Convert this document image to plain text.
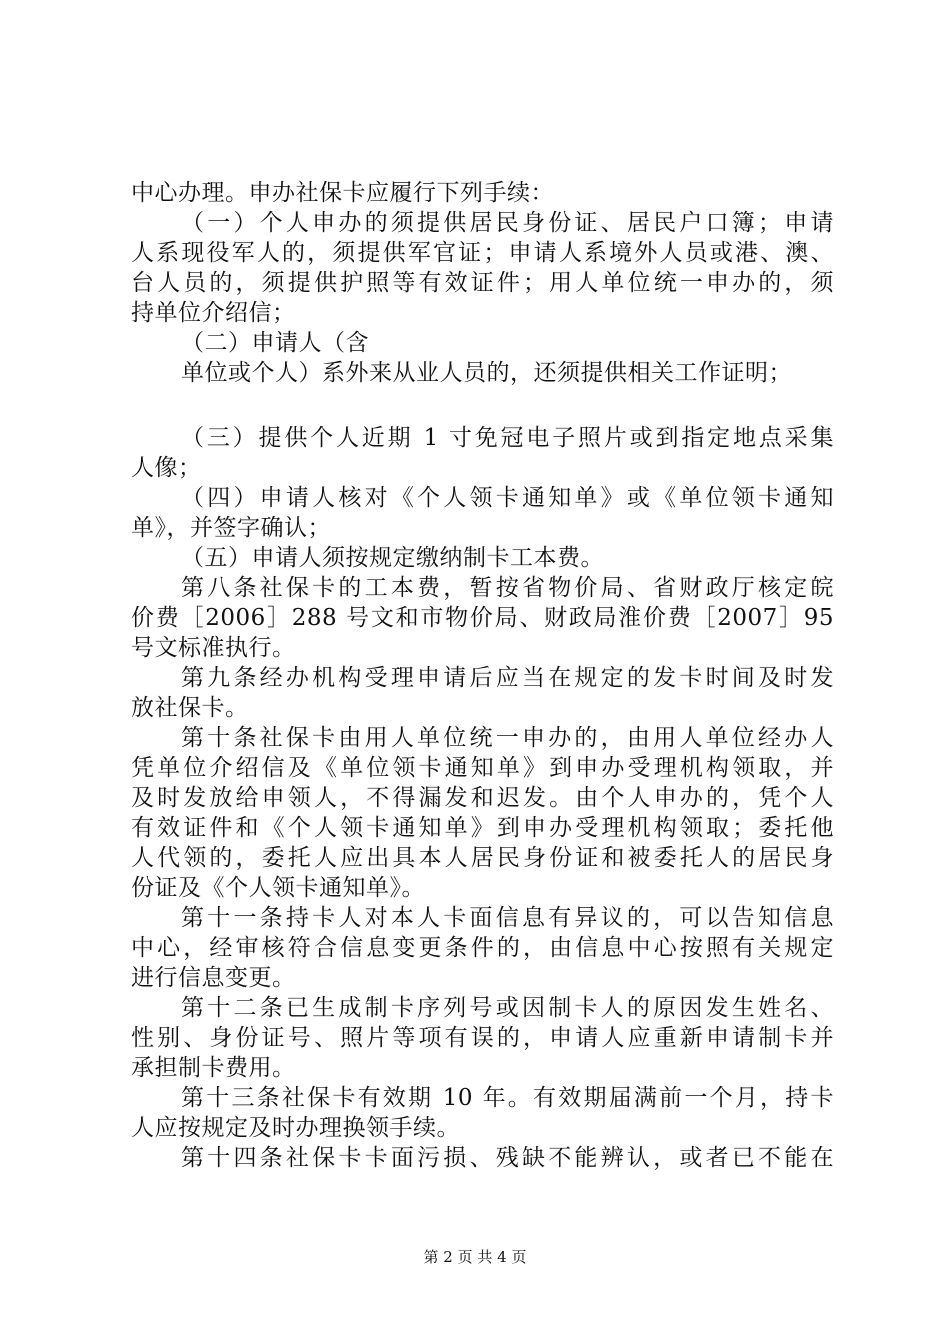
中心办理。申办社保卡应履行下列手续：
（一）个人申办的须提供居民身份证、居民户口簿；申请
人系现役军人的，须提供军官证；申请人系境外人员或港、澳、
台人员的，须提供护照等有效证件；用人单位统一申办的，须
持单位介绍信；
（二）申请人（含
单位或个人）系外来从业人员的，还须提供相关工作证明；
（三）提供个人近期 1 寸免冠电子照片或到指定地点采集
人像；
（四）申请人核对《个人领卡通知单》或《单位领卡通知
单》，并签字确认；
（五）申请人须按规定缴纳制卡工本费。
第八条社保卡的工本费，暂按省物价局、省财政厅核定皖
价费［2006］288 号文和市物价局、财政局淮价费［2007］95
号文标准执行。
第九条经办机构受理申请后应当在规定的发卡时间及时发
放社保卡。
第十条社保卡由用人单位统一申办的，由用人单位经办人
凭单位介绍信及《单位领卡通知单》到申办受理机构领取，并
及时发放给申领人，不得漏发和迟发。由个人申办的，凭个人
有效证件和《个人领卡通知单》到申办受理机构领取；委托他
人代领的，委托人应出具本人居民身份证和被委托人的居民身
份证及《个人领卡通知单》。
第十一条持卡人对本人卡面信息有异议的，可以告知信息
中心，经审核符合信息变更条件的，由信息中心按照有关规定
进行信息变更。
第十二条已生成制卡序列号或因制卡人的原因发生姓名、
性别、身份证号、照片等项有误的，申请人应重新申请制卡并
承担制卡费用。
第十三条社保卡有效期 10 年。有效期届满前一个月，持卡
人应按规定及时办理换领手续。
第十四条社保卡卡面污损、残缺不能辨认，或者已不能在
第 2 页 共 4 页
